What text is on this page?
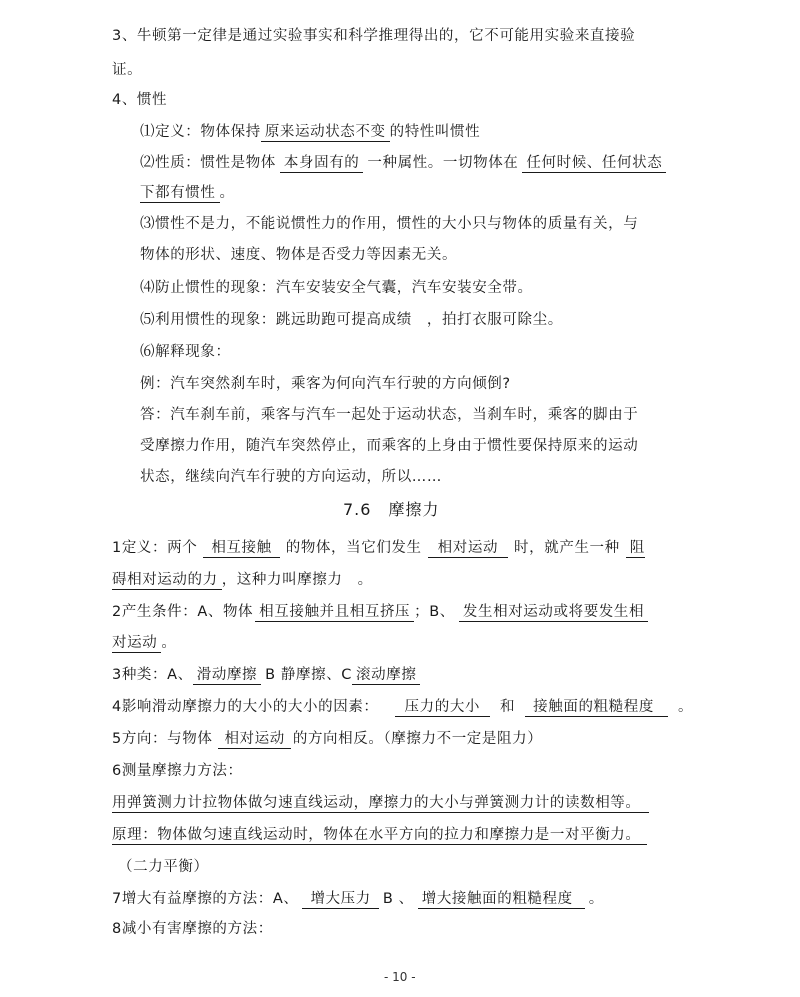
3、牛顿第一定律是通过实验事实和科学推理得出的，它不可能用实验来直接验
证。
4、惯性
⑴定义：物体保持 原来运动状态不变 的特性叫惯性
⑵性质：惯性是物体 本身固有的 一种属性。一切物体在 任何时候、任何状态
下都有惯性 。
⑶惯性不是力，不能说惯性力的作用，惯性的大小只与物体的质量有关，与
物体的形状、速度、物体是否受力等因素无关。
⑷防止惯性的现象：汽车安装安全气囊，汽车安装安全带。
⑸利用惯性的现象：跳远助跑可提高成绩　，拍打衣服可除尘。
⑹解释现象：
例：汽车突然刹车时，乘客为何向汽车行驶的方向倾倒?
答：汽车刹车前，乘客与汽车一起处于运动状态，当刹车时，乘客的脚由于
受摩擦力作用，随汽车突然停止，而乘客的上身由于惯性要保持原来的运动
状态，继续向汽车行驶的方向运动，所以……
7.6　摩擦力
1定义：两个 相互接触 的物体，当它们发生 相对运动 时，就产生一种 阻
碍相对运动的力 ，这种力叫摩擦力　。
2产生条件：A、物体 相互接触并且相互挤压 ；B、 发生相对运动或将要发生相
对运动 。
3种类：A、 滑动摩擦 B 静摩擦、C 滚动摩擦
4影响滑动摩擦力的大小的大小的因素： 压力的大小 和 接触面的粗糙程度 。
5方向：与物体 相对运动 的方向相反。（摩擦力不一定是阻力）
6测量摩擦力方法：
用弹簧测力计拉物体做匀速直线运动，摩擦力的大小与弹簧测力计的读数相等。
原理：物体做匀速直线运动时，物体在水平方向的拉力和摩擦力是一对平衡力。
（二力平衡）
7增大有益摩擦的方法：A、 增大压力 B 、 增大接触面的粗糙程度 。
8减小有害摩擦的方法：
- 10 -
